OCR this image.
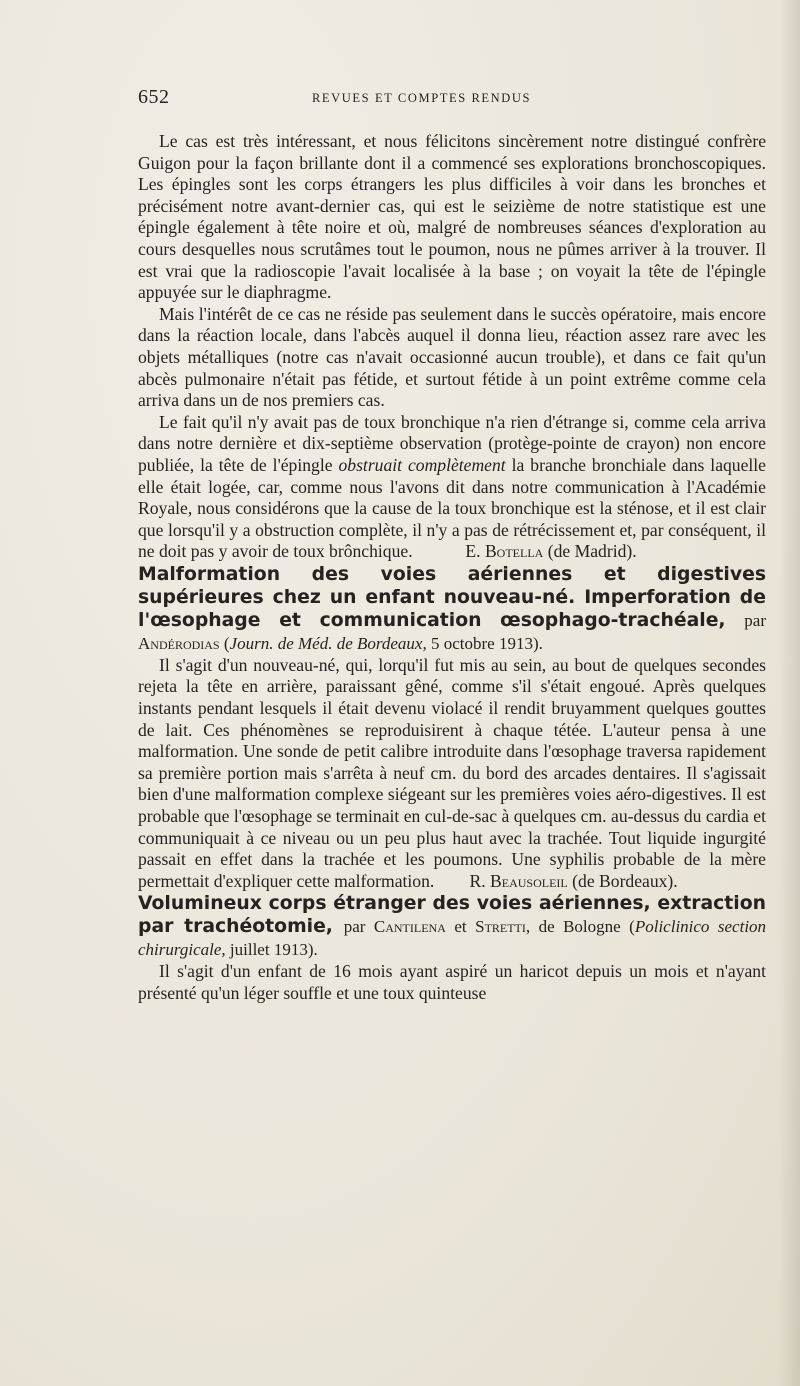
652	REVUES ET COMPTES RENDUS

Le cas est très intéressant, et nous félicitons sincèrement notre distingué confrère Guigon pour la façon brillante dont il a commencé ses explorations bronchoscopiques. Les épingles sont les corps étrangers les plus difficiles à voir dans les bronches et précisément notre avant-dernier cas, qui est le seizième de notre statistique est une épingle également à tête noire et où, malgré de nombreuses séances d'exploration au cours desquelles nous scrutâmes tout le poumon, nous ne pûmes arriver à la trouver. Il est vrai que la radioscopie l'avait localisée à la base ; on voyait la tête de l'épingle appuyée sur le diaphragme.

Mais l'intérêt de ce cas ne réside pas seulement dans le succès opératoire, mais encore dans la réaction locale, dans l'abcès auquel il donna lieu, réaction assez rare avec les objets métalliques (notre cas n'avait occasionné aucun trouble), et dans ce fait qu'un abcès pulmonaire n'était pas fétide, et surtout fétide à un point extrême comme cela arriva dans un de nos premiers cas.

Le fait qu'il n'y avait pas de toux bronchique n'a rien d'étrange si, comme cela arriva dans notre dernière et dix-septième observation (protège-pointe de crayon) non encore publiée, la tête de l'épingle obstruait complètement la branche bronchiale dans laquelle elle était logée, car, comme nous l'avons dit dans notre communication à l'Académie Royale, nous considérons que la cause de la toux bronchique est la sténose, et il est clair que lorsqu'il y a obstruction complète, il n'y a pas de rétrécissement et, par conséquent, il ne doit pas y avoir de toux brônchique.   	E. Botella (de Madrid).

Malformation des voies aériennes et digestives supérieures chez un enfant nouveau-né. Imperforation de l'œsophage et communication œsophago-trachéale, par Andérodias (Journ. de Méd. de Bordeaux, 5 octobre 1913).

Il s'agit d'un nouveau-né, qui, lorqu'il fut mis au sein, au bout de quelques secondes rejeta la tête en arrière, paraissant gêné, comme s'il s'était engoué. Après quelques instants pendant lesquels il était devenu violacé il rendit bruyamment quelques gouttes de lait. Ces phénomènes se reproduisirent à chaque tétée. L'auteur pensa à une malformation. Une sonde de petit calibre introduite dans l'œsophage traversa rapidement sa première portion mais s'arrêta à neuf cm. du bord des arcades dentaires. Il s'agissait bien d'une malformation complexe siégeant sur les premières voies aéro-digestives. Il est probable que l'œsophage se terminait en cul-de-sac à quelques cm. au-dessus du cardia et communiquait à ce niveau ou un peu plus haut avec la trachée. Tout liquide ingurgité passait en effet dans la trachée et les poumons. Une syphilis probable de la mère permettait d'expliquer cette malformation.   R. Beausoleil (de Bordeaux).

Volumineux corps étranger des voies aériennes, extraction par trachéotomie, par Cantilena et Stretti, de Bologne (Policlinico section chirurgicale, juillet 1913).

Il s'agit d'un enfant de 16 mois ayant aspiré un haricot depuis un mois et n'ayant présenté qu'un léger souffle et une toux quinteuse
